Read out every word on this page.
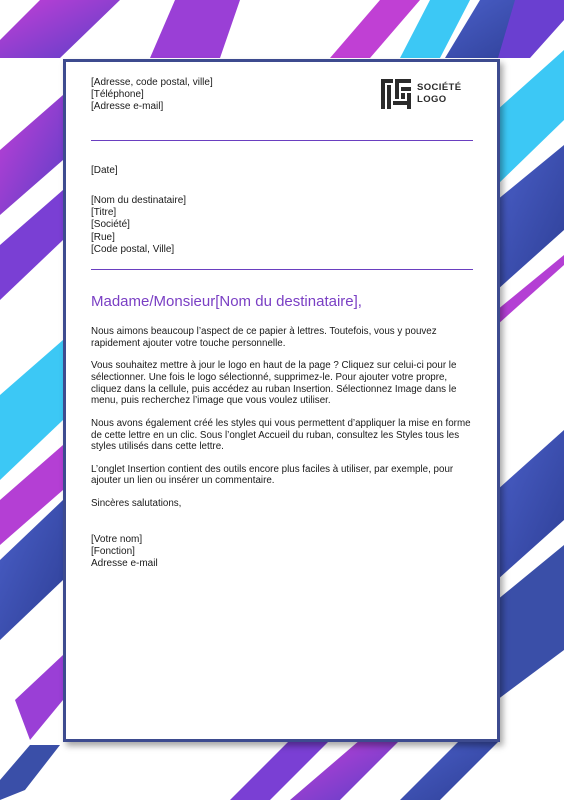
[Adresse, code postal, ville]
[Téléphone]
[Adresse e-mail]
SOCIÉTÉ
LOGO
[Date]
[Nom du destinataire]
[Titre]
[Société]
[Rue]
[Code postal, Ville]
Madame/Monsieur[Nom du destinataire],

Nous aimons beaucoup l’aspect de ce papier à lettres. Toutefois, vous y pouvez rapidement ajouter votre touche personnelle.

Vous souhaitez mettre à jour le logo en haut de la page ? Cliquez sur celui-ci pour le sélectionner. Une fois le logo sélectionné, supprimez-le. Pour ajouter votre propre, cliquez dans la cellule, puis accédez au ruban Insertion. Sélectionnez Image dans le menu, puis recherchez l’image que vous voulez utiliser.

Nous avons également créé les styles qui vous permettent d’appliquer la mise en forme de cette lettre en un clic. Sous l’onglet Accueil du ruban, consultez les Styles tous les styles utilisés dans cette lettre.

L’onglet Insertion contient des outils encore plus faciles à utiliser, par exemple, pour ajouter un lien ou insérer un commentaire.

Sincères salutations,

[Votre nom]
[Fonction]
Adresse e-mail
